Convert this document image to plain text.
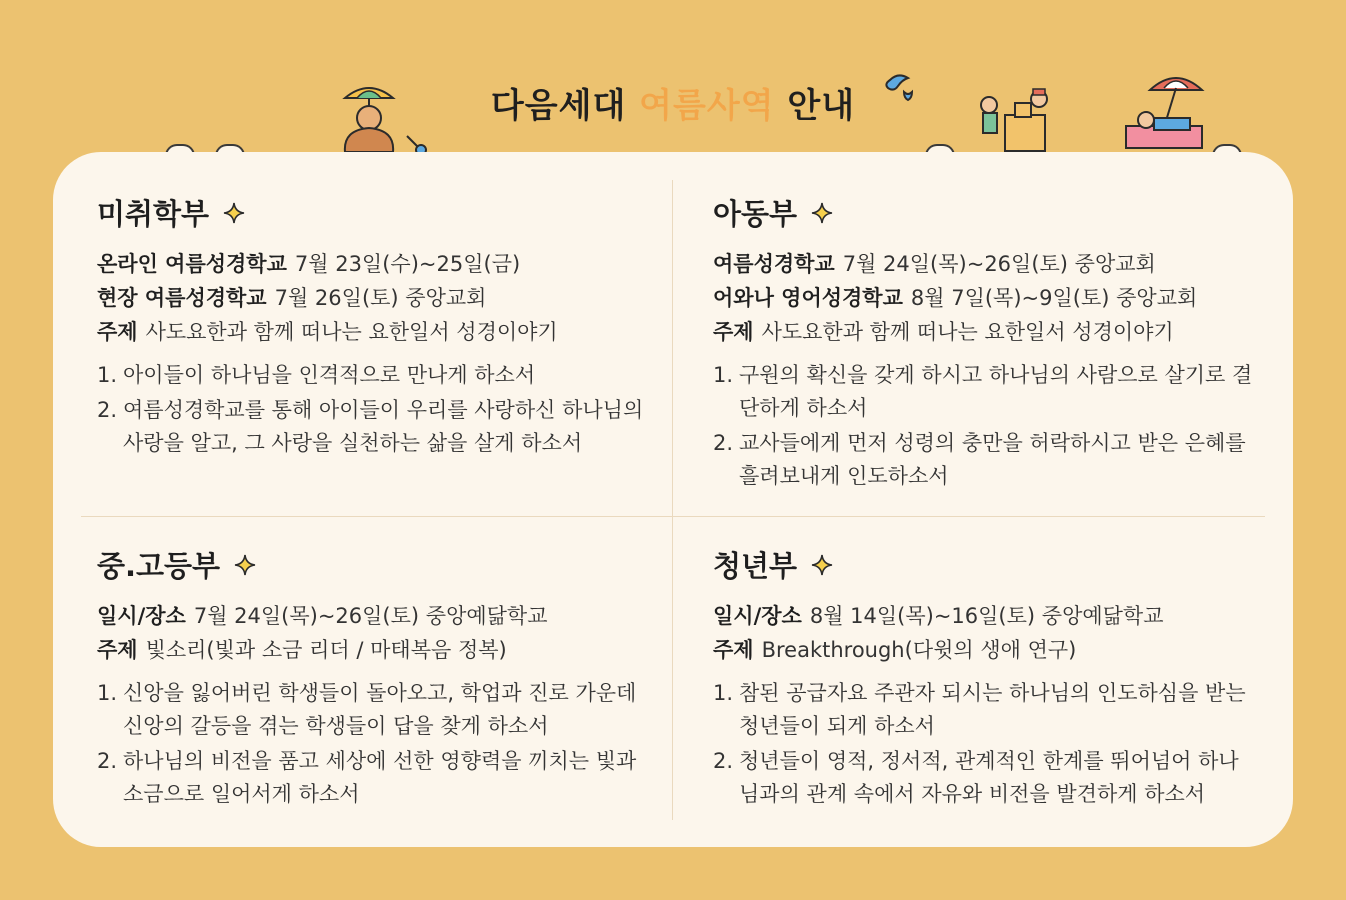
다음세대 여름사역 안내
미취학부
온라인 여름성경학교 7월 23일(수)~25일(금)
현장 여름성경학교 7월 26일(토) 중앙교회
주제 사도요한과 함께 떠나는 요한일서 성경이야기
1. 아이들이 하나님을 인격적으로 만나게 하소서
2. 여름성경학교를 통해 아이들이 우리를 사랑하신 하나님의 사랑을 알고, 그 사랑을 실천하는 삶을 살게 하소서
아동부
여름성경학교 7월 24일(목)~26일(토) 중앙교회
어와나 영어성경학교 8월 7일(목)~9일(토) 중앙교회
주제 사도요한과 함께 떠나는 요한일서 성경이야기
1. 구원의 확신을 갖게 하시고 하나님의 사람으로 살기로 결단하게 하소서
2. 교사들에게 먼저 성령의 충만을 허락하시고 받은 은혜를 흘려보내게 인도하소서
중.고등부
일시/장소 7월 24일(목)~26일(토) 중앙예닮학교
주제 빛소리(빛과 소금 리더 / 마태복음 정복)
1. 신앙을 잃어버린 학생들이 돌아오고, 학업과 진로 가운데 신앙의 갈등을 겪는 학생들이 답을 찾게 하소서
2. 하나님의 비전을 품고 세상에 선한 영향력을 끼치는 빛과 소금으로 일어서게 하소서
청년부
일시/장소 8월 14일(목)~16일(토) 중앙예닮학교
주제 Breakthrough(다윗의 생애 연구)
1. 참된 공급자요 주관자 되시는 하나님의 인도하심을 받는 청년들이 되게 하소서
2. 청년들이 영적, 정서적, 관계적인 한계를 뛰어넘어 하나님과의 관계 속에서 자유와 비전을 발견하게 하소서
